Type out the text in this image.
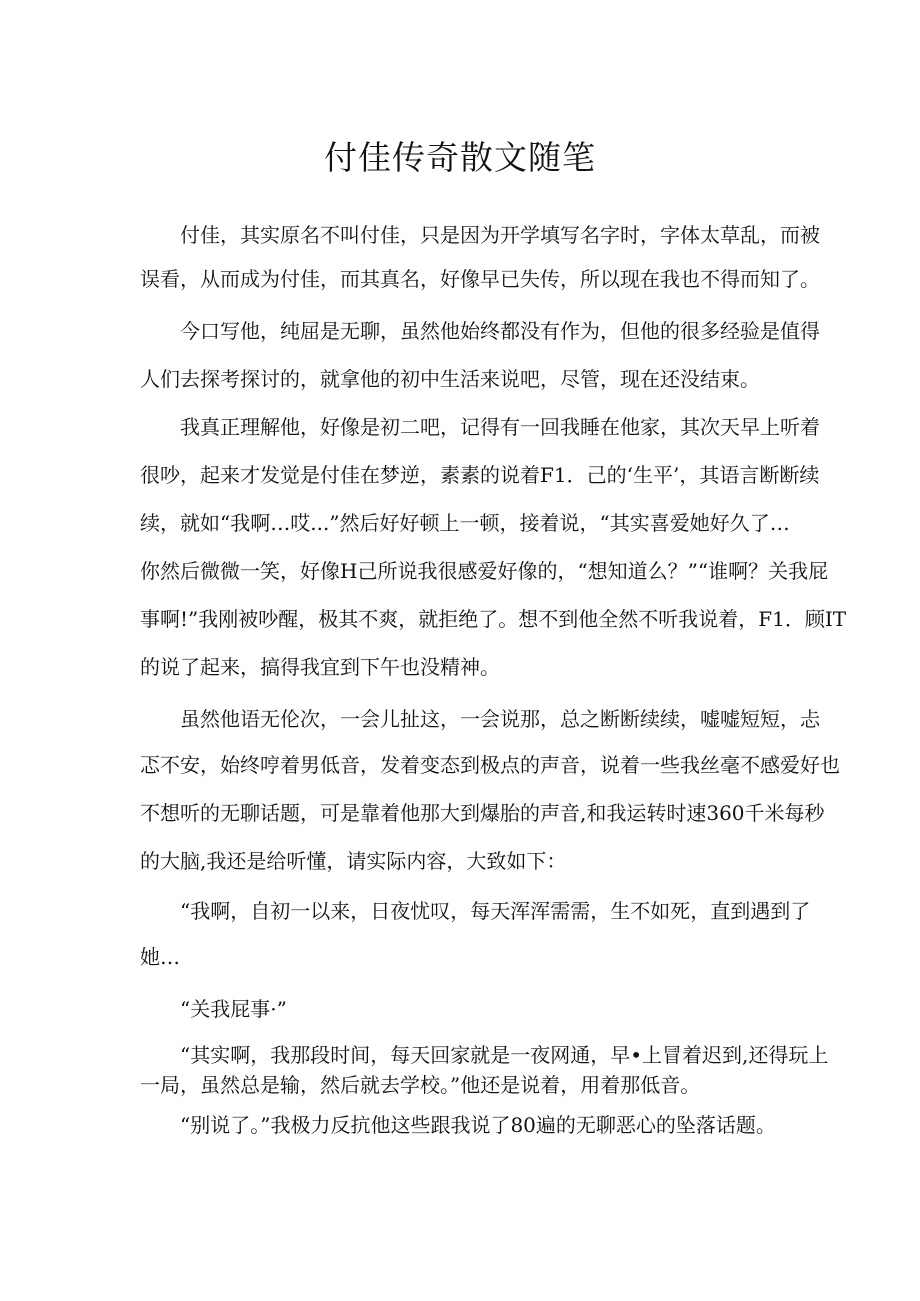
付佳传奇散文随笔
付佳，其实原名不叫付佳，只是因为开学填写名字时，字体太草乱，而被
误看，从而成为付佳，而其真名，好像早已失传，所以现在我也不得而知了。
今口写他，纯屈是无聊，虽然他始终都没有作为，但他的很多经验是值得
人们去探考探讨的，就拿他的初中生活来说吧，尽管，现在还没结束。
我真正理解他，好像是初二吧，记得有一回我睡在他家，其次天早上听着
很吵，起来才发觉是付佳在梦逆，素素的说着F1．己的‘生平’，其语言断断续
续，就如“我啊…哎...”然后好好顿上一顿，接着说，“其实喜爱她好久了…
你然后微微一笑，好像H己所说我很感爱好像的，“想知道么？”“谁啊？关我屁
事啊!”我刚被吵醒，极其不爽，就拒绝了。想不到他全然不听我说着，F1．顾IT
的说了起来，搞得我宜到下午也没精神。
虽然他语无伦次，一会儿扯这，一会说那，总之断断续续，嘘嘘短短，忐
忑不安，始终哼着男低音，发着变态到极点的声音，说着一些我丝毫不感爱好也
不想听的无聊话题，可是靠着他那大到爆胎的声音,和我运转时速360千米每秒
的大脑,我还是给听懂，请实际内容，大致如下：
“我啊，自初一以来，日夜忧叹，每天浑浑需需，生不如死，直到遇到了
她…
“关我屁事·”
“其实啊，我那段时间，每天回家就是一夜网通，早•上冒着迟到,还得玩上
一局，虽然总是输，然后就去学校。”他还是说着，用着那低音。
“别说了。”我极力反抗他这些跟我说了80遍的无聊恶心的坠落话题。
